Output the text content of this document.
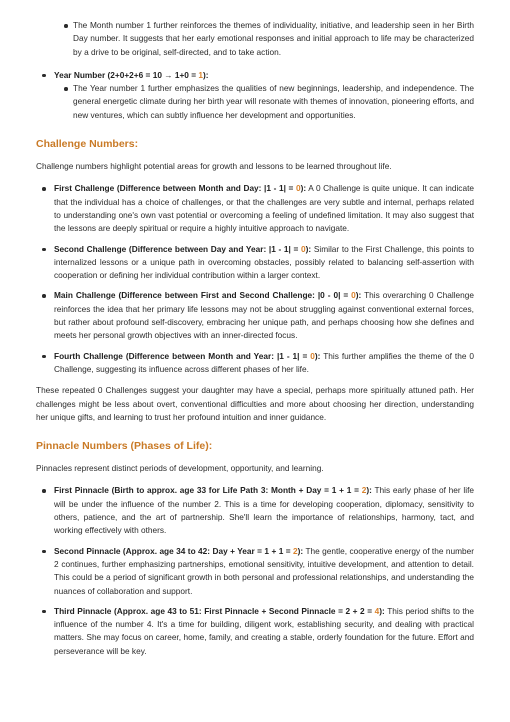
The Month number 1 further reinforces the themes of individuality, initiative, and leadership seen in her Birth Day number. It suggests that her early emotional responses and initial approach to life may be characterized by a drive to be original, self-directed, and to take action.
Year Number (2+0+2+6 = 10 → 1+0 = 1):
The Year number 1 further emphasizes the qualities of new beginnings, leadership, and independence. The general energetic climate during her birth year will resonate with themes of innovation, pioneering efforts, and new ventures, which can subtly influence her development and opportunities.
Challenge Numbers:

Challenge numbers highlight potential areas for growth and lessons to be learned throughout life.

First Challenge (Difference between Month and Day: |1 - 1| = 0): A 0 Challenge is quite unique. It can indicate that the individual has a choice of challenges, or that the challenges are very subtle and internal, perhaps related to understanding one's own vast potential or overcoming a feeling of undefined limitation. It may also suggest that the lessons are deeply spiritual or require a highly intuitive approach to navigate.
Second Challenge (Difference between Day and Year: |1 - 1| = 0): Similar to the First Challenge, this points to internalized lessons or a unique path in overcoming obstacles, possibly related to balancing self-assertion with cooperation or defining her individual contribution within a larger context.
Main Challenge (Difference between First and Second Challenge: |0 - 0| = 0): This overarching 0 Challenge reinforces the idea that her primary life lessons may not be about struggling against conventional external forces, but rather about profound self-discovery, embracing her unique path, and perhaps choosing how she defines and meets her personal growth objectives with an inner-directed focus.
Fourth Challenge (Difference between Month and Year: |1 - 1| = 0): This further amplifies the theme of the 0 Challenge, suggesting its influence across different phases of her life.

These repeated 0 Challenges suggest your daughter may have a special, perhaps more spiritually attuned path. Her challenges might be less about overt, conventional difficulties and more about choosing her direction, understanding her unique gifts, and learning to trust her profound intuition and inner guidance.

Pinnacle Numbers (Phases of Life):

Pinnacles represent distinct periods of development, opportunity, and learning.

First Pinnacle (Birth to approx. age 33 for Life Path 3: Month + Day = 1 + 1 = 2): This early phase of her life will be under the influence of the number 2. This is a time for developing cooperation, diplomacy, sensitivity to others, patience, and the art of partnership. She'll learn the importance of relationships, harmony, tact, and working effectively with others.
Second Pinnacle (Approx. age 34 to 42: Day + Year = 1 + 1 = 2): The gentle, cooperative energy of the number 2 continues, further emphasizing partnerships, emotional sensitivity, intuitive development, and attention to detail. This could be a period of significant growth in both personal and professional relationships, and understanding the nuances of collaboration and support.
Third Pinnacle (Approx. age 43 to 51: First Pinnacle + Second Pinnacle = 2 + 2 = 4): This period shifts to the influence of the number 4. It's a time for building, diligent work, establishing security, and dealing with practical matters. She may focus on career, home, family, and creating a stable, orderly foundation for the future. Effort and perseverance will be key.
